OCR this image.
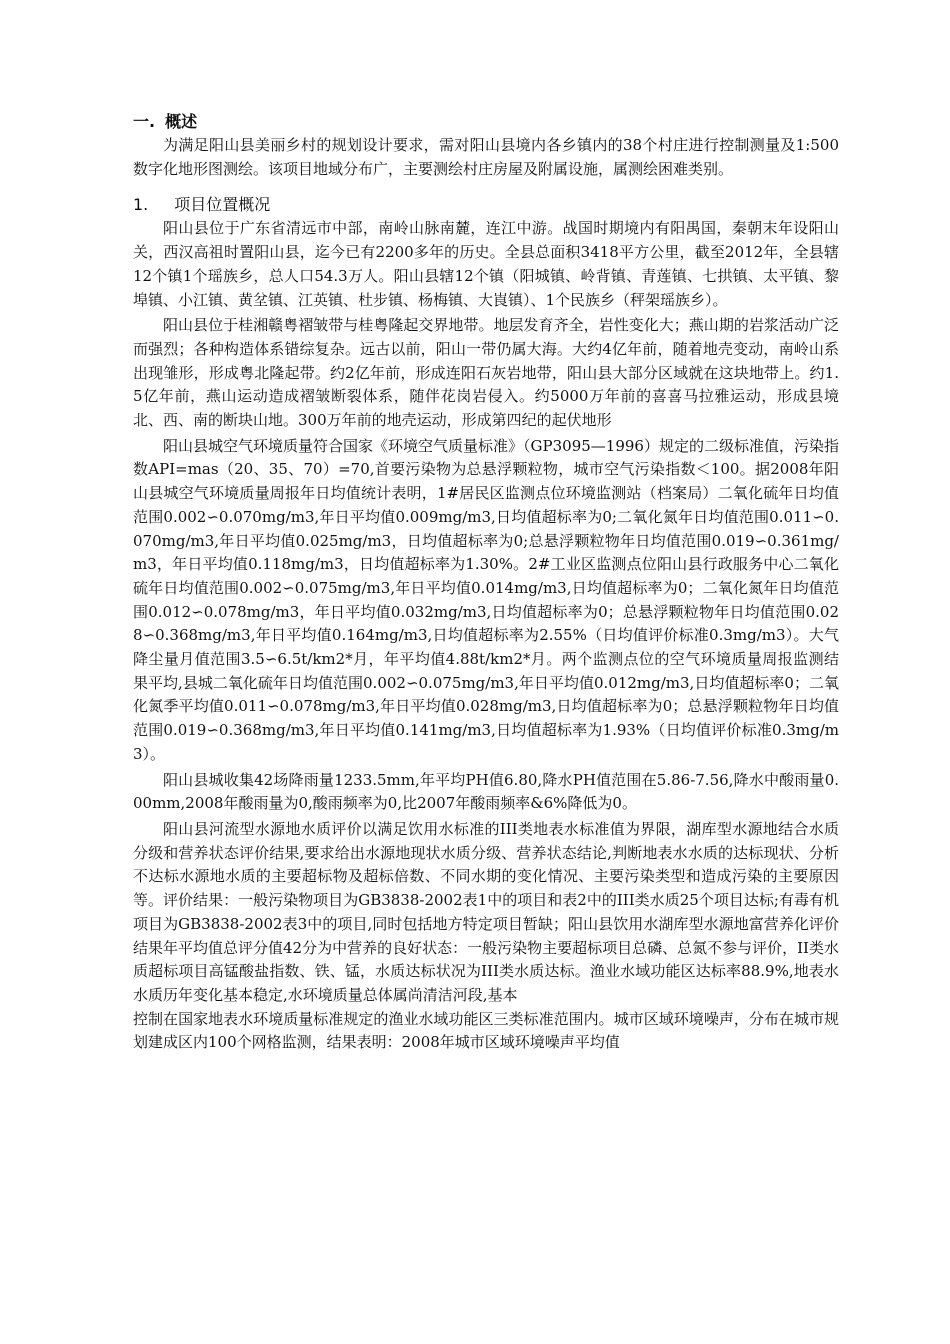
一. 概述

为满足阳山县美丽乡村的规划设计要求，需对阳山县境内各乡镇内的38个村庄进行控制测量及1:500数字化地形图测绘。该项目地域分布广，主要测绘村庄房屋及附属设施，属测绘困难类别。

1. 项目位置概况

阳山县位于广东省清远市中部，南岭山脉南麓，连江中游。战国时期境内有阳禺国，秦朝末年设阳山关，西汉高祖时置阳山县，迄今已有2200多年的历史。全县总面积3418平方公里，截至2012年，全县辖12个镇1个瑶族乡，总人口54.3万人。阳山县辖12个镇（阳城镇、岭背镇、青莲镇、七拱镇、太平镇、黎埠镇、小江镇、黄坌镇、江英镇、杜步镇、杨梅镇、大崀镇）、1个民族乡（秤架瑶族乡）。

阳山县位于桂湘赣粤褶皱带与桂粤隆起交界地带。地层发育齐全，岩性变化大；燕山期的岩浆活动广泛而强烈；各种构造体系错综复杂。远古以前，阳山一带仍属大海。大约4亿年前，随着地壳变动，南岭山系出现雏形，形成粤北隆起带。约2亿年前，形成连阳石灰岩地带，阳山县大部分区域就在这块地带上。约1.5亿年前，燕山运动造成褶皱断裂体系，随伴花岗岩侵入。约5000万年前的喜喜马拉雅运动，形成县境北、西、南的断块山地。300万年前的地壳运动，形成第四纪的起伏地形

阳山县城空气环境质量符合国家《环境空气质量标准》（GP3095—1996）规定的二级标准值，污染指数API=mas（20、35、70）=70,首要污染物为总悬浮颗粒物，城市空气污染指数＜100。据2008年阳山县城空气环境质量周报年日均值统计表明，1#居民区监测点位环境监测站（档案局）二氧化硫年日均值范围0.002∽0.070mg/m3,年日平均值0.009mg/m3,日均值超标率为0;二氧化氮年日均值范围0.011∽0.070mg/m3,年日平均值0.025mg/m3，日均值超标率为0;总悬浮颗粒物年日均值范围0.019∽0.361mg/m3，年日平均值0.118mg/m3，日均值超标率为1.30%。2#工业区监测点位阳山县行政服务中心二氧化硫年日均值范围0.002∽0.075mg/m3,年日平均值0.014mg/m3,日均值超标率为0；二氧化氮年日均值范围0.012∽0.078mg/m3，年日平均值0.032mg/m3,日均值超标率为0；总悬浮颗粒物年日均值范围0.028∽0.368mg/m3,年日平均值0.164mg/m3,日均值超标率为2.55%（日均值评价标准0.3mg/m3）。大气降尘量月值范围3.5∽6.5t/km2*月，年平均值4.88t/km2*月。两个监测点位的空气环境质量周报监测结果平均,县城二氧化硫年日均值范围0.002∽0.075mg/m3,年日平均值0.012mg/m3,日均值超标率0；二氧化氮季平均值0.011∽0.078mg/m3,年日平均值0.028mg/m3,日均值超标率为0；总悬浮颗粒物年日均值范围0.019∽0.368mg/m3,年日平均值0.141mg/m3,日均值超标率为1.93%（日均值评价标准0.3mg/m3）。

阳山县城收集42场降雨量1233.5mm,年平均PH值6.80,降水PH值范围在5.86-7.56,降水中酸雨量0.00mm,2008年酸雨量为0,酸雨频率为0,比2007年酸雨频率&6%降低为0。

阳山县河流型水源地水质评价以满足饮用水标准的III类地表水标准值为界限，湖库型水源地结合水质分级和营养状态评价结果,要求给出水源地现状水质分级、营养状态结论,判断地表水水质的达标现状、分析不达标水源地水质的主要超标物及超标倍数、不同水期的变化情况、主要污染类型和造成污染的主要原因等。评价结果：一般污染物项目为GB3838-2002表1中的项目和表2中的III类水质25个项目达标;有毒有机项目为GB3838-2002表3中的项目,同时包括地方特定项目暂缺；阳山县饮用水湖库型水源地富营养化评价结果年平均值总评分值42分为中营养的良好状态：一般污染物主要超标项目总磷、总氮不参与评价，II类水质超标项目高锰酸盐指数、铁、锰，水质达标状况为III类水质达标。渔业水域功能区达标率88.9%,地表水水质历年变化基本稳定,水环境质量总体属尚清洁河段,基本

控制在国家地表水环境质量标准规定的渔业水域功能区三类标准范围内。城市区域环境噪声，分布在城市规划建成区内100个网格监测，结果表明：2008年城市区域环境噪声平均值
